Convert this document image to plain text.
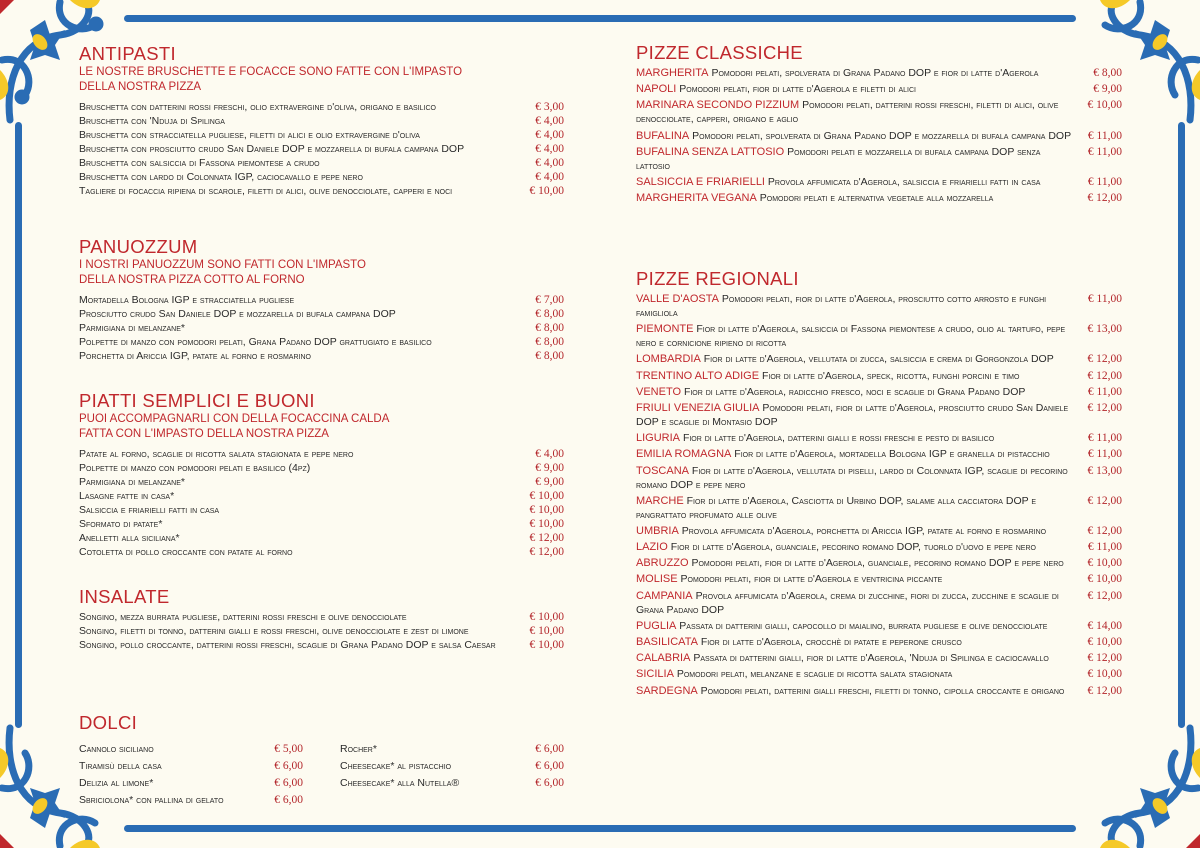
ANTIPASTI
LE NOSTRE BRUSCHETTE E FOCACCE SONO FATTE CON L'IMPASTO
DELLA NOSTRA PIZZA
Bruschetta con datterini rossi freschi, olio extravergine d'oliva, origano e basilico	€ 3,00
Bruschetta con 'Nduja di Spilinga	€ 4,00
Bruschetta con stracciatella pugliese, filetti di alici e olio extravergine d'oliva	€ 4,00
Bruschetta con prosciutto crudo San Daniele DOP e mozzarella di bufala campana DOP	€ 4,00
Bruschetta con salsiccia di Fassona piemontese a crudo	€ 4,00
Bruschetta con lardo di Colonnata IGP, caciocavallo e pepe nero	€ 4,00
Tagliere di focaccia ripiena di scarole, filetti di alici, olive denocciolate, capperi e noci	€ 10,00
PANUOZZUM
I NOSTRI PANUOZZUM SONO FATTI CON L'IMPASTO
DELLA NOSTRA PIZZA COTTO AL FORNO
Mortadella Bologna IGP e stracciatella pugliese	€ 7,00
Prosciutto crudo San Daniele DOP e mozzarella di bufala campana DOP	€ 8,00
Parmigiana di melanzane*	€ 8,00
Polpette di manzo con pomodori pelati, Grana Padano DOP grattugiato e basilico	€ 8,00
Porchetta di Ariccia IGP, patate al forno e rosmarino	€ 8,00
PIATTI SEMPLICI E BUONI
PUOI ACCOMPAGNARLI CON DELLA FOCACCINA CALDA
FATTA CON L'IMPASTO DELLA NOSTRA PIZZA
Patate al forno, scaglie di ricotta salata stagionata e pepe nero	€ 4,00
Polpette di manzo con pomodori pelati e basilico (4pz)	€ 9,00
Parmigiana di melanzane*	€ 9,00
Lasagne fatte in casa*	€ 10,00
Salsiccia e friarielli fatti in casa	€ 10,00
Sformato di patate*	€ 10,00
Anelletti alla siciliana*	€ 12,00
Cotoletta di pollo croccante con patate al forno	€ 12,00
INSALATE
Songino, mezza burrata pugliese, datterini rossi freschi e olive denocciolate	€ 10,00
Songino, filetti di tonno, datterini gialli e rossi freschi, olive denocciolate e zest di limone	€ 10,00
Songino, pollo croccante, datterini rossi freschi, scaglie di Grana Padano DOP e salsa Caesar	€ 10,00
DOLCI
Cannolo siciliano	€ 5,00
Tiramisù della casa	€ 6,00
Delizia al limone*	€ 6,00
Sbriciolona* con pallina di gelato	€ 6,00
Rocher*	€ 6,00
Cheesecake* al pistacchio	€ 6,00
Cheesecake* alla Nutella®	€ 6,00
PIZZE CLASSICHE
MARGHERITA Pomodori pelati, spolverata di Grana Padano DOP e fior di latte d'Agerola	€ 8,00
NAPOLI Pomodori pelati, fior di latte d'Agerola e filetti di alici	€ 9,00
MARINARA SECONDO PIZZIUM Pomodori pelati, datterini rossi freschi, filetti di alici, olive denocciolate, capperi, origano e aglio
€ 10,00
BUFALINA Pomodori pelati, spolverata di Grana Padano DOP e mozzarella di bufala campana DOP € 11,00
BUFALINA SENZA LATTOSIO Pomodori pelati e mozzarella di bufala campana DOP senza lattosio
€ 11,00
SALSICCIA E FRIARIELLI Provola affumicata d'Agerola, salsiccia e friarielli fatti in casa	€ 11,00
MARGHERITA VEGANA Pomodori pelati e alternativa vegetale alla mozzarella	€ 12,00
PIZZE REGIONALI
VALLE D'AOSTA Pomodori pelati, fior di latte d'Agerola, prosciutto cotto arrosto e funghi famigliola
€ 11,00
PIEMONTE Fior di latte d'Agerola, salsiccia di Fassona piemontese a crudo, olio al tartufo, pepe nero e cornicione ripieno di ricotta
€ 13,00
LOMBARDIA Fior di latte d'Agerola, vellutata di zucca, salsiccia e crema di Gorgonzola DOP	€ 12,00
TRENTINO ALTO ADIGE Fior di latte d'Agerola, speck, ricotta, funghi porcini e timo	€ 12,00
VENETO Fior di latte d'Agerola, radicchio fresco, noci e scaglie di Grana Padano DOP	€ 11,00
FRIULI VENEZIA GIULIA Pomodori pelati, fior di latte d'Agerola, prosciutto crudo San Daniele DOP e scaglie di Montasio DOP
€ 12,00
LIGURIA Fior di latte d'Agerola, datterini gialli e rossi freschi e pesto di basilico	€ 11,00
EMILIA ROMAGNA Fior di latte d'Agerola, mortadella Bologna IGP e granella di pistacchio	€ 11,00
TOSCANA Fior di latte d'Agerola, vellutata di piselli, lardo di Colonnata IGP, scaglie di pecorino romano DOP e pepe nero
€ 13,00
MARCHE Fior di latte d'Agerola, Casciotta di Urbino DOP, salame alla cacciatora DOP e pangrattato profumato alle olive
€ 12,00
UMBRIA Provola affumicata d'Agerola, porchetta di Ariccia IGP, patate al forno e rosmarino	€ 12,00
LAZIO Fior di latte d'Agerola, guanciale, pecorino romano DOP, tuorlo d'uovo e pepe nero	€ 11,00
ABRUZZO Pomodori pelati, fior di latte d'Agerola, guanciale, pecorino romano DOP e pepe nero € 10,00
MOLISE Pomodori pelati, fior di latte d'Agerola e ventricina piccante	€ 10,00
CAMPANIA Provola affumicata d'Agerola, crema di zucchine, fiori di zucca, zucchine e scaglie di Grana Padano DOP
€ 12,00
PUGLIA Passata di datterini gialli, capocollo di maialino, burrata pugliese e olive denocciolate	€ 14,00
BASILICATA Fior di latte d'Agerola, crocchè di patate e peperone crusco	€ 10,00
CALABRIA Passata di datterini gialli, fior di latte d'Agerola, 'Nduja di Spilinga e caciocavallo	€ 12,00
SICILIA Pomodori pelati, melanzane e scaglie di ricotta salata stagionata	€ 10,00
SARDEGNA Pomodori pelati, datterini gialli freschi, filetti di tonno, cipolla croccante e origano € 12,00
